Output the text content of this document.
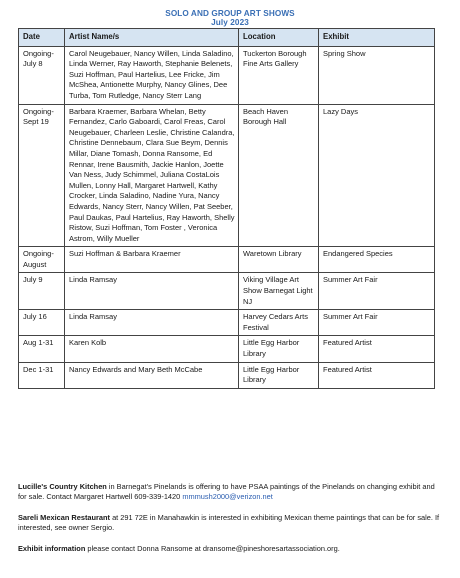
SOLO AND GROUP ART SHOWS
July 2023
Date	Artist Name/s	Location	Exhibit
Ongoing-July 8	Carol Neugebauer, Nancy Willen, Linda Saladino, Linda Werner, Ray Haworth, Stephanie Belenets, Suzi Hoffman, Paul Hartelius, Lee Fricke, Jim McShea, Antionette Murphy, Nancy Glines, Dee Turba, Tom Rutledge, Nancy Sterr Lang	Tuckerton Borough Fine Arts Gallery	Spring Show
Ongoing-Sept 19	Barbara Kraemer, Barbara Whelan, Betty Fernandez, Carlo Gaboardi, Carol Freas, Carol Neugebauer, Charleen Leslie, Christine Calandra, Christine Dennebaum, Clara Sue Beym, Dennis Millar, Diane Tomash, Donna Ransome, Ed Rennar, Irene Bausmith, Jackie Hanlon, Joette Van Ness, Judy Schimmel, Juliana CostaLois Mullen, Lonny Hall, Margaret Hartwell, Kathy Crocker, Linda Saladino, Nadine Yura, Nancy Edwards, Nancy Sterr, Nancy Willen, Pat Seeber, Paul Daukas, Paul Hartelius, Ray Haworth, Shelly Ristow, Suzi Hoffman, Tom Foster , Veronica Astrom, Willy Mueller	Beach Haven Borough Hall	Lazy Days
Ongoing-August	Suzi Hoffman & Barbara Kraemer	Waretown Library	Endangered Species
July 9	Linda Ramsay	Viking Village Art Show Barnegat Light NJ	Summer Art Fair
July 16	Linda Ramsay	Harvey Cedars Arts Festival	Summer Art Fair
Aug 1-31	Karen Kolb	Little Egg Harbor Library	Featured Artist
Dec 1-31	Nancy Edwards and Mary Beth McCabe	Little Egg Harbor Library	Featured Artist

Lucille's Country Kitchen in Barnegat's Pinelands is offering to have PSAA paintings of the Pinelands on changing exhibit and for sale. Contact Margaret Hartwell 609-339-1420 mmmush2000@verizon.net

Sareli Mexican Restaurant at 291 72E in Manahawkin is interested in exhibiting Mexican theme paintings that can be for sale. If interested, see owner Sergio.

Exhibit information please contact Donna Ransome at dransome@pineshoresartassociation.org.
